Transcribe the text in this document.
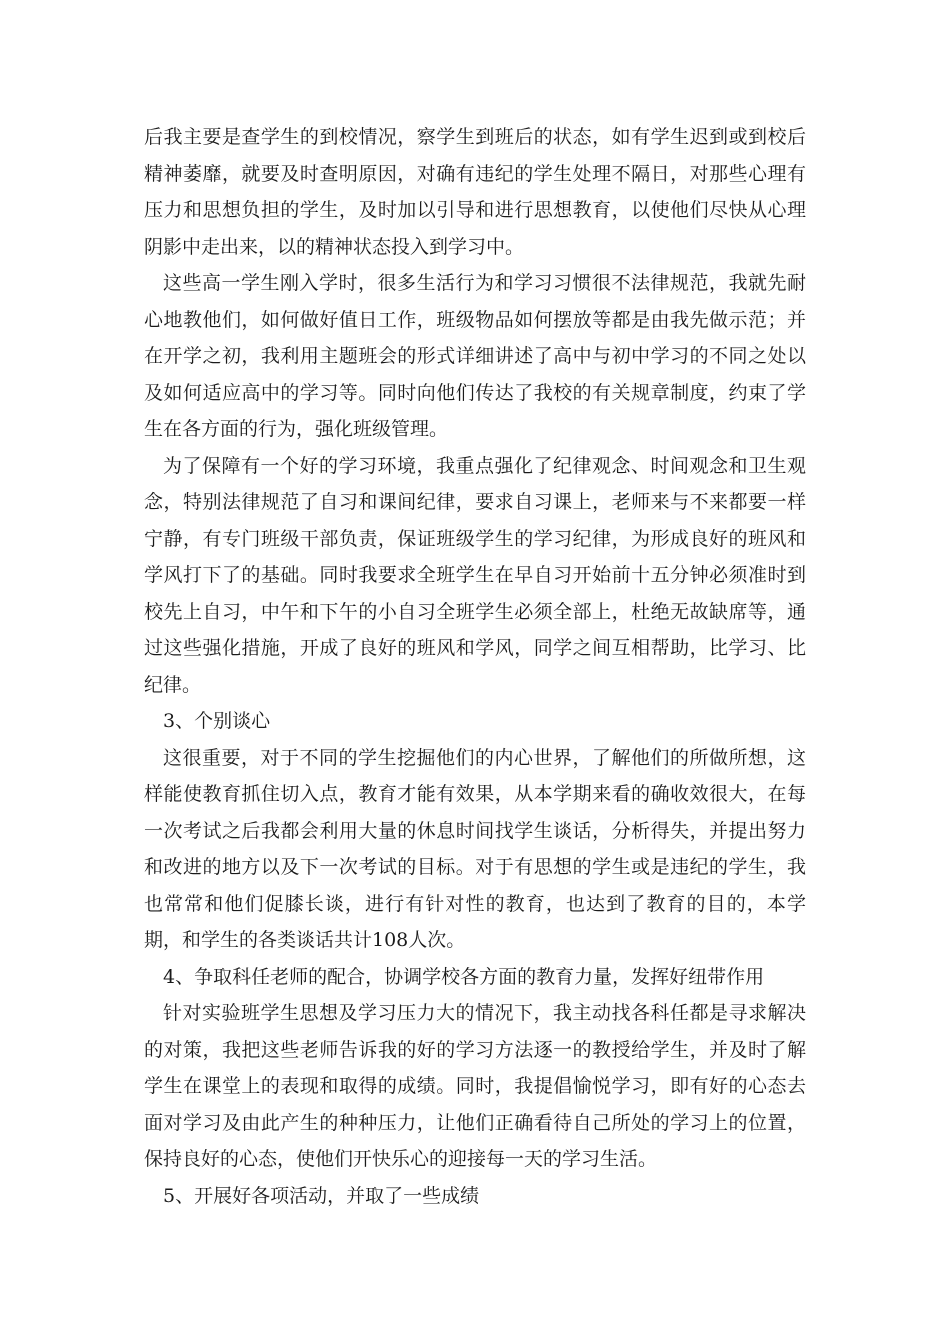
后我主要是查学生的到校情况，察学生到班后的状态，如有学生迟到或到校后精神萎靡，就要及时查明原因，对确有违纪的学生处理不隔日，对那些心理有压力和思想负担的学生，及时加以引导和进行思想教育，以使他们尽快从心理阴影中走出来，以的精神状态投入到学习中。

这些高一学生刚入学时，很多生活行为和学习习惯很不法律规范，我就先耐心地教他们，如何做好值日工作，班级物品如何摆放等都是由我先做示范；并在开学之初，我利用主题班会的形式详细讲述了高中与初中学习的不同之处以及如何适应高中的学习等。同时向他们传达了我校的有关规章制度，约束了学生在各方面的行为，强化班级管理。

为了保障有一个好的学习环境，我重点强化了纪律观念、时间观念和卫生观念，特别法律规范了自习和课间纪律，要求自习课上，老师来与不来都要一样宁静，有专门班级干部负责，保证班级学生的学习纪律，为形成良好的班风和学风打下了的基础。同时我要求全班学生在早自习开始前十五分钟必须准时到校先上自习，中午和下午的小自习全班学生必须全部上，杜绝无故缺席等，通过这些强化措施，开成了良好的班风和学风，同学之间互相帮助，比学习、比纪律。

3、个别谈心

这很重要，对于不同的学生挖掘他们的内心世界，了解他们的所做所想，这样能使教育抓住切入点，教育才能有效果，从本学期来看的确收效很大，在每一次考试之后我都会利用大量的休息时间找学生谈话，分析得失，并提出努力和改进的地方以及下一次考试的目标。对于有思想的学生或是违纪的学生，我也常常和他们促膝长谈，进行有针对性的教育，也达到了教育的目的，本学期，和学生的各类谈话共计108人次。

4、争取科任老师的配合，协调学校各方面的教育力量，发挥好纽带作用

针对实验班学生思想及学习压力大的情况下，我主动找各科任都是寻求解决的对策，我把这些老师告诉我的好的学习方法逐一的教授给学生，并及时了解学生在课堂上的表现和取得的成绩。同时，我提倡愉悦学习，即有好的心态去面对学习及由此产生的种种压力，让他们正确看待自己所处的学习上的位置，保持良好的心态，使他们开快乐心的迎接每一天的学习生活。

5、开展好各项活动，并取了一些成绩
